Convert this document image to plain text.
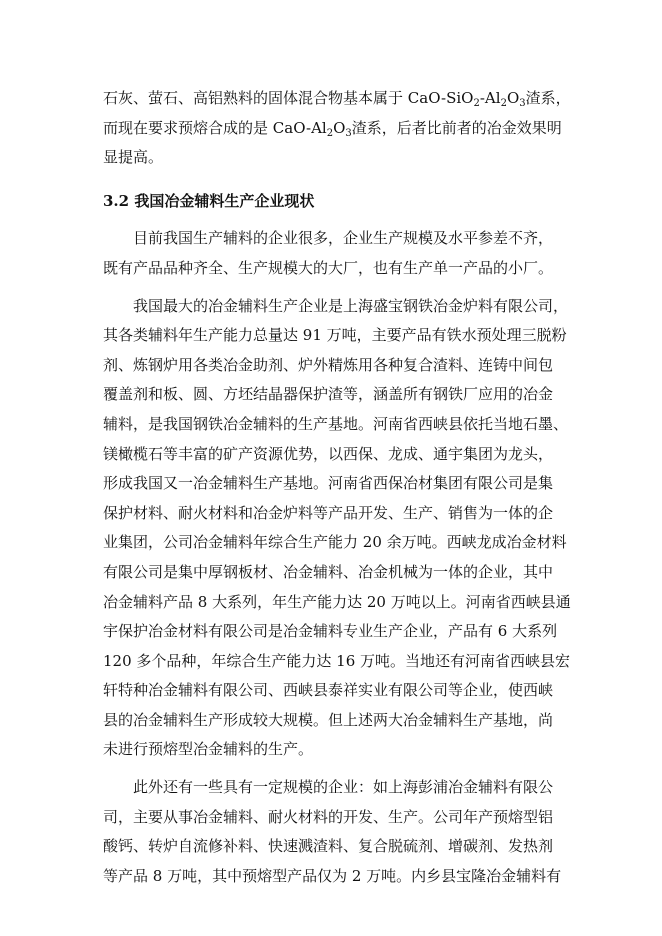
石灰、萤石、高铝熟料的固体混合物基本属于 CaO-$SiO_2-Al_2O_3$渣系，
而现在要求预熔合成的是 CaO-$Al_2O_3$渣系，后者比前者的冶金效果明
显提高。
3.2 我国冶金辅料生产企业现状
目前我国生产辅料的企业很多，企业生产规模及水平参差不齐，
既有产品品种齐全、生产规模大的大厂，也有生产单一产品的小厂。
我国最大的冶金辅料生产企业是上海盛宝钢铁冶金炉料有限公司，
其各类辅料年生产能力总量达 91 万吨，主要产品有铁水预处理三脱粉
剂、炼钢炉用各类冶金助剂、炉外精炼用各种复合渣料、连铸中间包
覆盖剂和板、圆、方坯结晶器保护渣等，涵盖所有钢铁厂应用的冶金
辅料，是我国钢铁冶金辅料的生产基地。河南省西峡县依托当地石墨、
镁橄榄石等丰富的矿产资源优势，以西保、龙成、通宇集团为龙头，
形成我国又一冶金辅料生产基地。河南省西保冶材集团有限公司是集
保护材料、耐火材料和冶金炉料等产品开发、生产、销售为一体的企
业集团，公司冶金辅料年综合生产能力 20 余万吨。西峡龙成冶金材料
有限公司是集中厚钢板材、冶金辅料、冶金机械为一体的企业，其中
冶金辅料产品 8 大系列，年生产能力达 20 万吨以上。河南省西峡县通
宇保护冶金材料有限公司是冶金辅料专业生产企业，产品有 6 大系列
120 多个品种，年综合生产能力达 16 万吨。当地还有河南省西峡县宏
轩特种冶金辅料有限公司、西峡县泰祥实业有限公司等企业，使西峡
县的冶金辅料生产形成较大规模。但上述两大冶金辅料生产基地，尚
未进行预熔型冶金辅料的生产。
此外还有一些具有一定规模的企业：如上海彭浦冶金辅料有限公
司，主要从事冶金辅料、耐火材料的开发、生产。公司年产预熔型铝
酸钙、转炉自流修补料、快速溅渣料、复合脱硫剂、增碳剂、发热剂
等产品 8 万吨，其中预熔型产品仅为 2 万吨。内乡县宝隆冶金辅料有
